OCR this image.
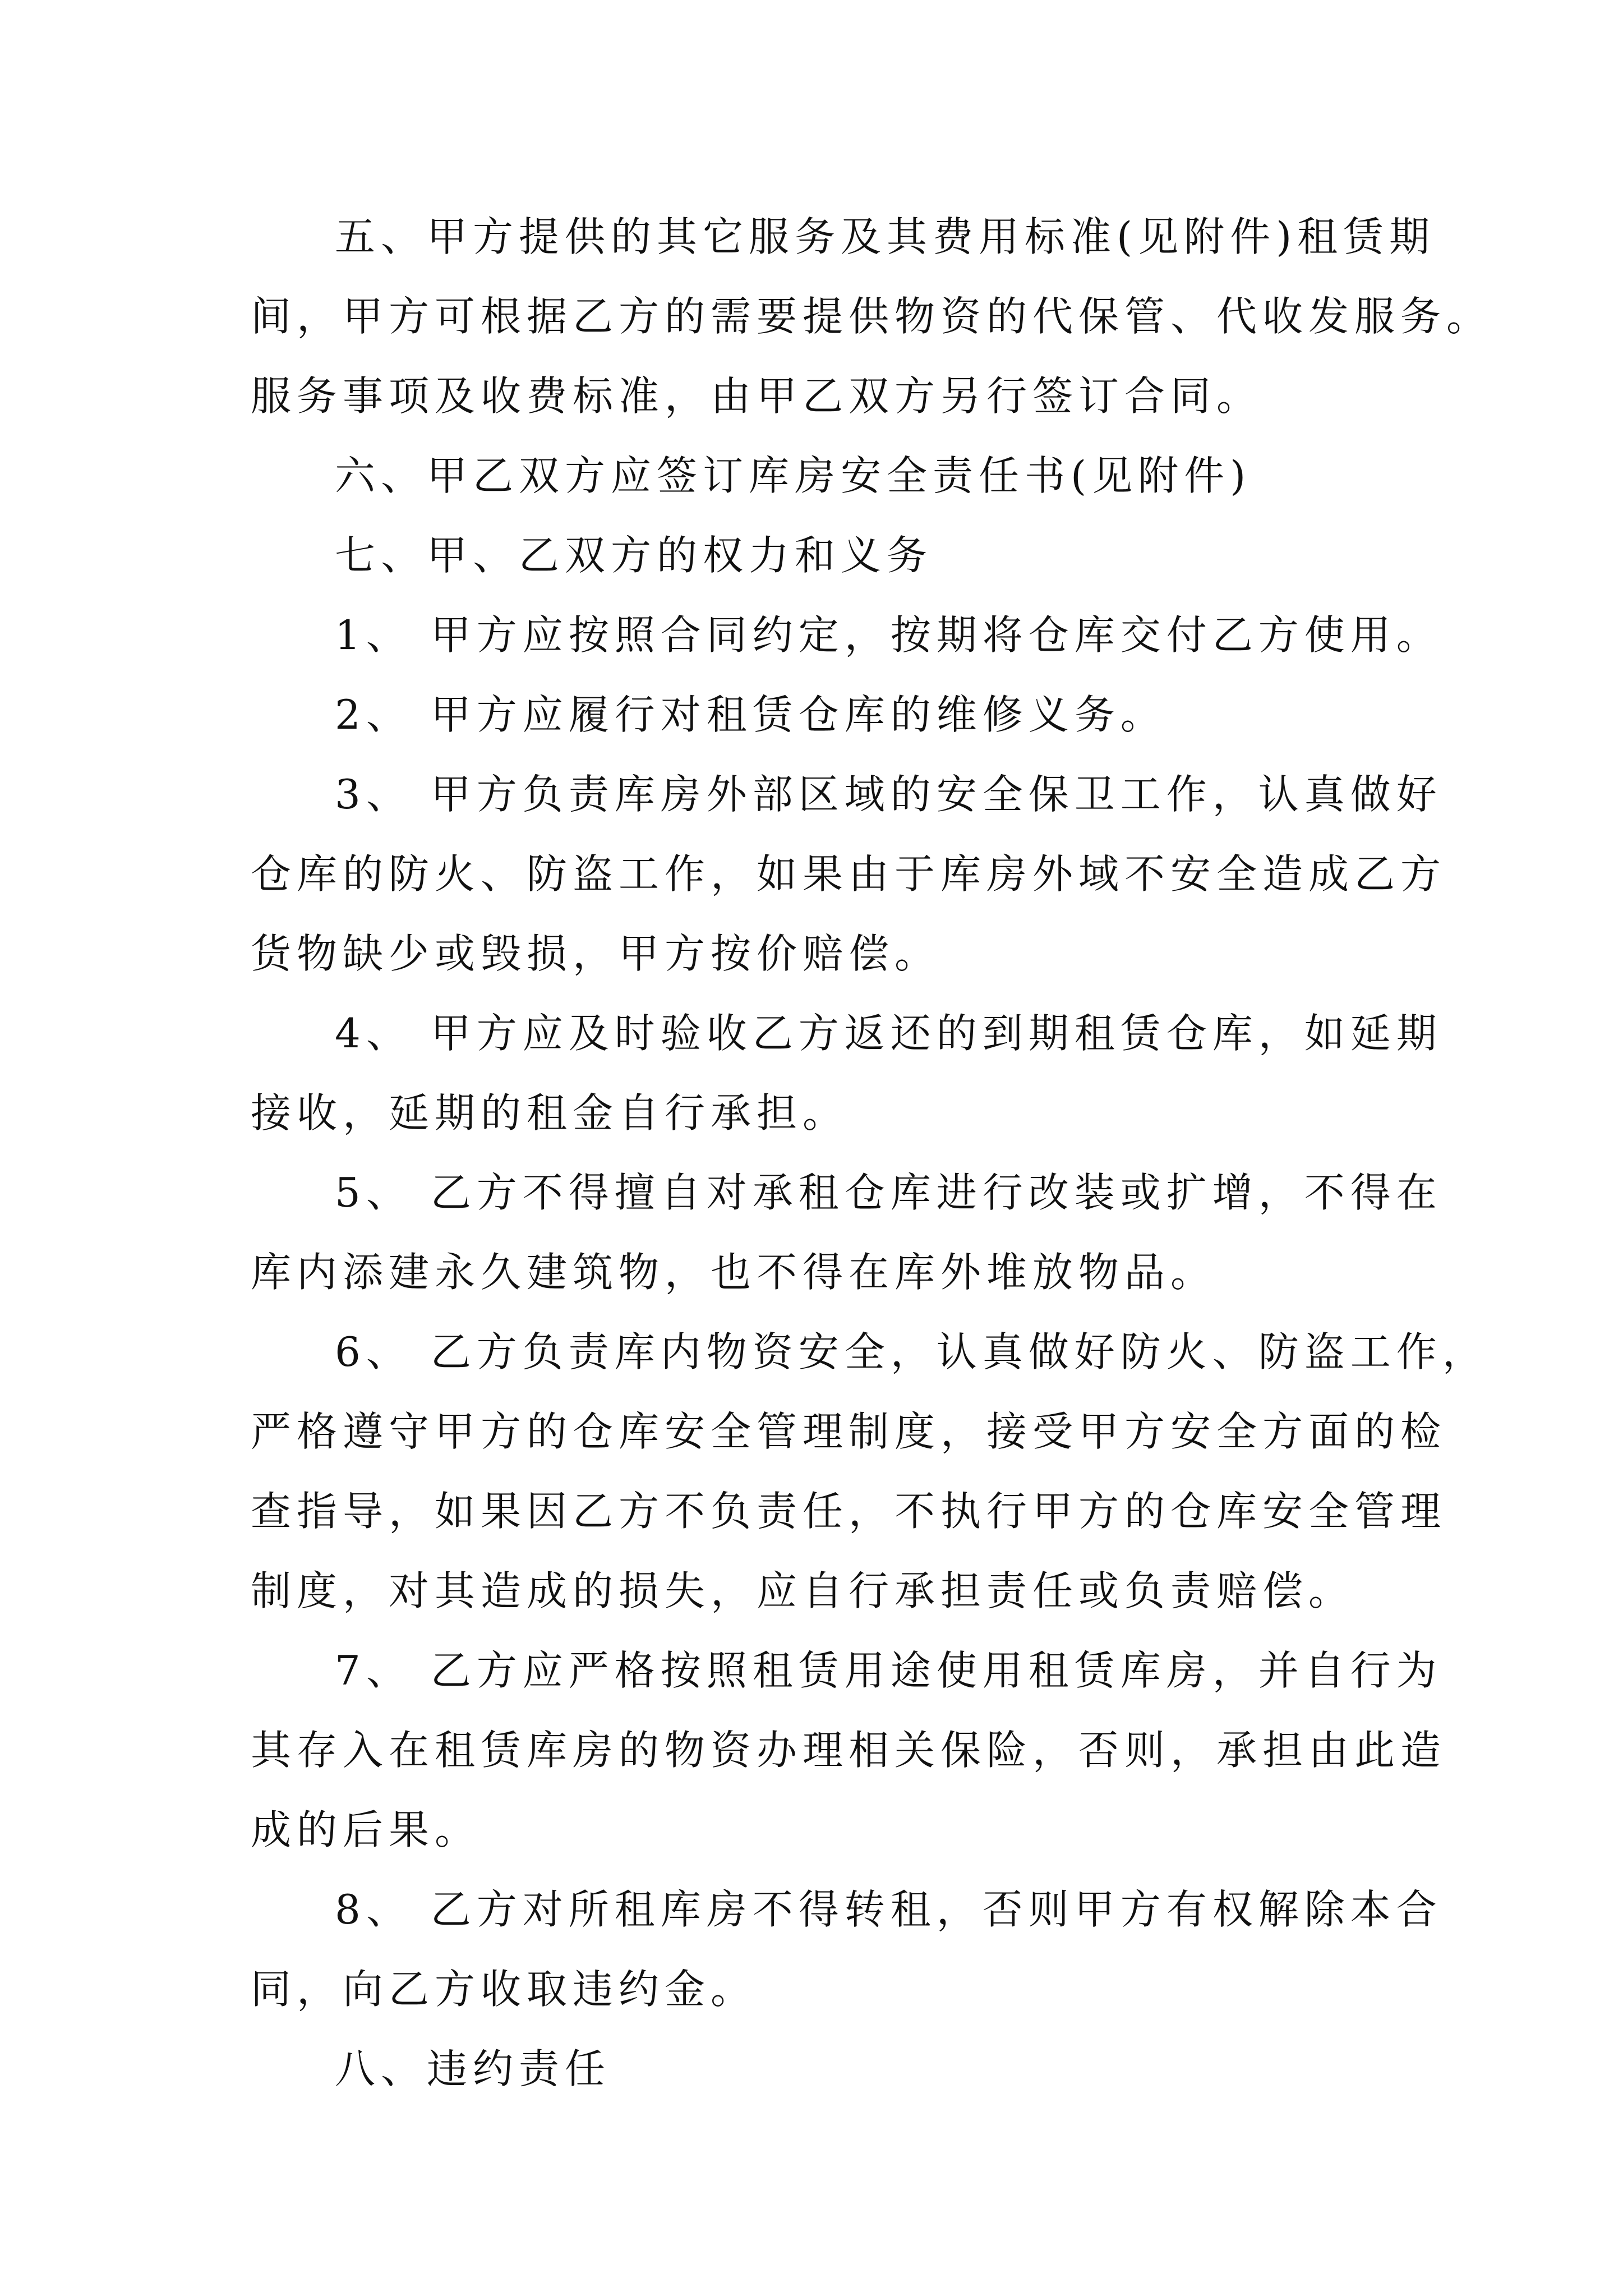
五、甲方提供的其它服务及其费用标准(见附件)租赁期
间，甲方可根据乙方的需要提供物资的代保管、代收发服务。
服务事项及收费标准，由甲乙双方另行签订合同。
六、甲乙双方应签订库房安全责任书(见附件)
七、甲、乙双方的权力和义务
1、 甲方应按照合同约定，按期将仓库交付乙方使用。
2、 甲方应履行对租赁仓库的维修义务。
3、 甲方负责库房外部区域的安全保卫工作，认真做好
仓库的防火、防盗工作，如果由于库房外域不安全造成乙方
货物缺少或毁损，甲方按价赔偿。
4、 甲方应及时验收乙方返还的到期租赁仓库，如延期
接收，延期的租金自行承担。
5、 乙方不得擅自对承租仓库进行改装或扩增，不得在
库内添建永久建筑物，也不得在库外堆放物品。
6、 乙方负责库内物资安全，认真做好防火、防盗工作，
严格遵守甲方的仓库安全管理制度，接受甲方安全方面的检
查指导，如果因乙方不负责任，不执行甲方的仓库安全管理
制度，对其造成的损失，应自行承担责任或负责赔偿。
7、 乙方应严格按照租赁用途使用租赁库房，并自行为
其存入在租赁库房的物资办理相关保险，否则，承担由此造
成的后果。
8、 乙方对所租库房不得转租，否则甲方有权解除本合
同，向乙方收取违约金。
八、违约责任
